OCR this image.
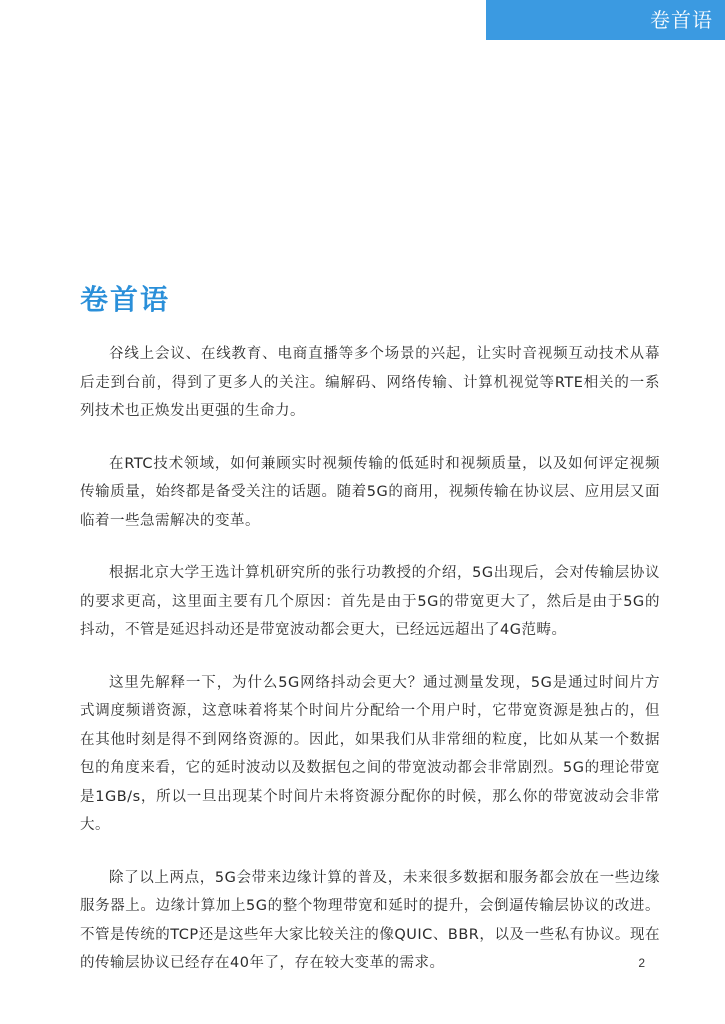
卷首语
卷首语

谷线上会议、在线教育、电商直播等多个场景的兴起，让实时音视频互动技术从幕后走到台前，得到了更多人的关注。编解码、网络传输、计算机视觉等RTE相关的一系列技术也正焕发出更强的生命力。

在RTC技术领域，如何兼顾实时视频传输的低延时和视频质量，以及如何评定视频传输质量，始终都是备受关注的话题。随着5G的商用，视频传输在协议层、应用层又面临着一些急需解决的变革。

根据北京大学王选计算机研究所的张行功教授的介绍，5G出现后，会对传输层协议的要求更高，这里面主要有几个原因：首先是由于5G的带宽更大了，然后是由于5G的抖动，不管是延迟抖动还是带宽波动都会更大，已经远远超出了4G范畴。

这里先解释一下，为什么5G网络抖动会更大？通过测量发现，5G是通过时间片方式调度频谱资源，这意味着将某个时间片分配给一个用户时，它带宽资源是独占的，但在其他时刻是得不到网络资源的。因此，如果我们从非常细的粒度，比如从某一个数据包的角度来看，它的延时波动以及数据包之间的带宽波动都会非常剧烈。5G的理论带宽是1GB/s，所以一旦出现某个时间片未将资源分配你的时候，那么你的带宽波动会非常大。

除了以上两点，5G会带来边缘计算的普及，未来很多数据和服务都会放在一些边缘服务器上。边缘计算加上5G的整个物理带宽和延时的提升，会倒逼传输层协议的改进。不管是传统的TCP还是这些年大家比较关注的像QUIC、BBR，以及一些私有协议。现在的传输层协议已经存在40年了，存在较大变革的需求。	2
